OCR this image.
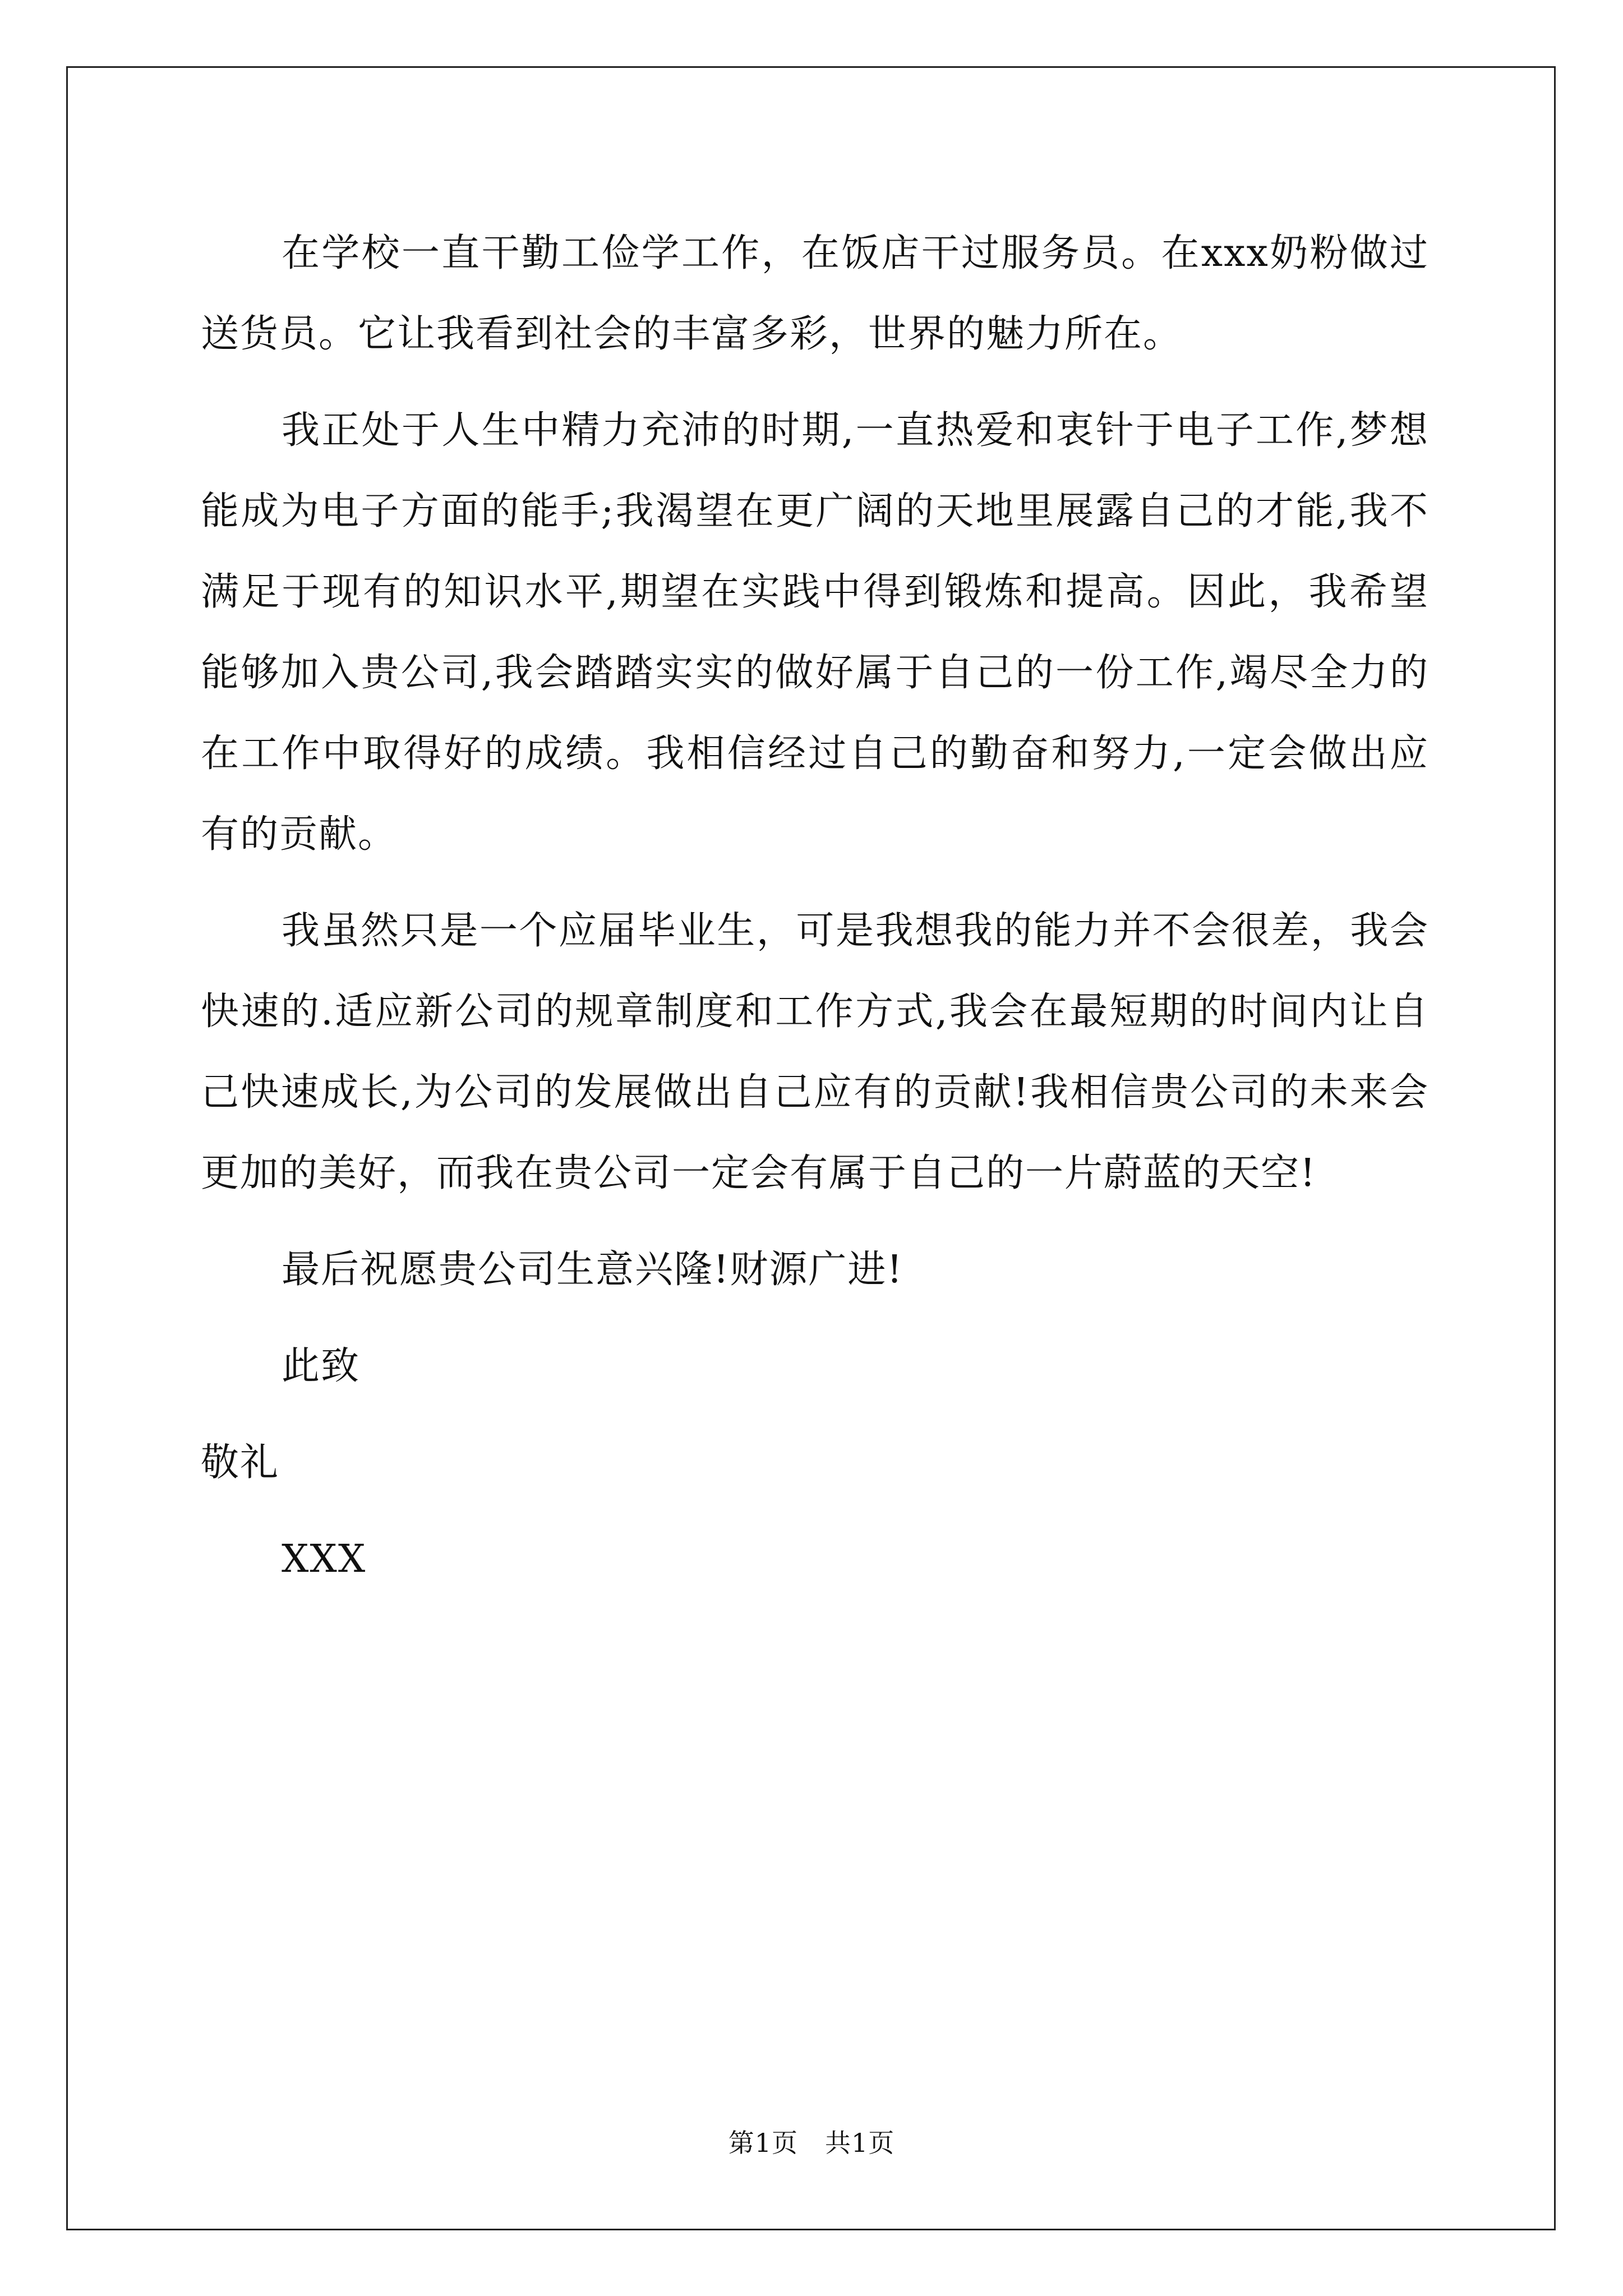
在学校一直干勤工俭学工作，在饭店干过服务员。在xxx奶粉做过送货员。它让我看到社会的丰富多彩，世界的魅力所在。

我正处于人生中精力充沛的时期,一直热爱和衷针于电子工作,梦想能成为电子方面的能手;我渴望在更广阔的天地里展露自己的才能,我不满足于现有的知识水平,期望在实践中得到锻炼和提高。因此，我希望能够加入贵公司,我会踏踏实实的做好属于自己的一份工作,竭尽全力的在工作中取得好的成绩。我相信经过自己的勤奋和努力,一定会做出应有的贡献。

我虽然只是一个应届毕业生，可是我想我的能力并不会很差，我会快速的.适应新公司的规章制度和工作方式,我会在最短期的时间内让自己快速成长,为公司的发展做出自己应有的贡献!我相信贵公司的未来会更加的美好，而我在贵公司一定会有属于自己的一片蔚蓝的天空!

最后祝愿贵公司生意兴隆!财源广进!

此致

敬礼

XXX

第1页 共1页
